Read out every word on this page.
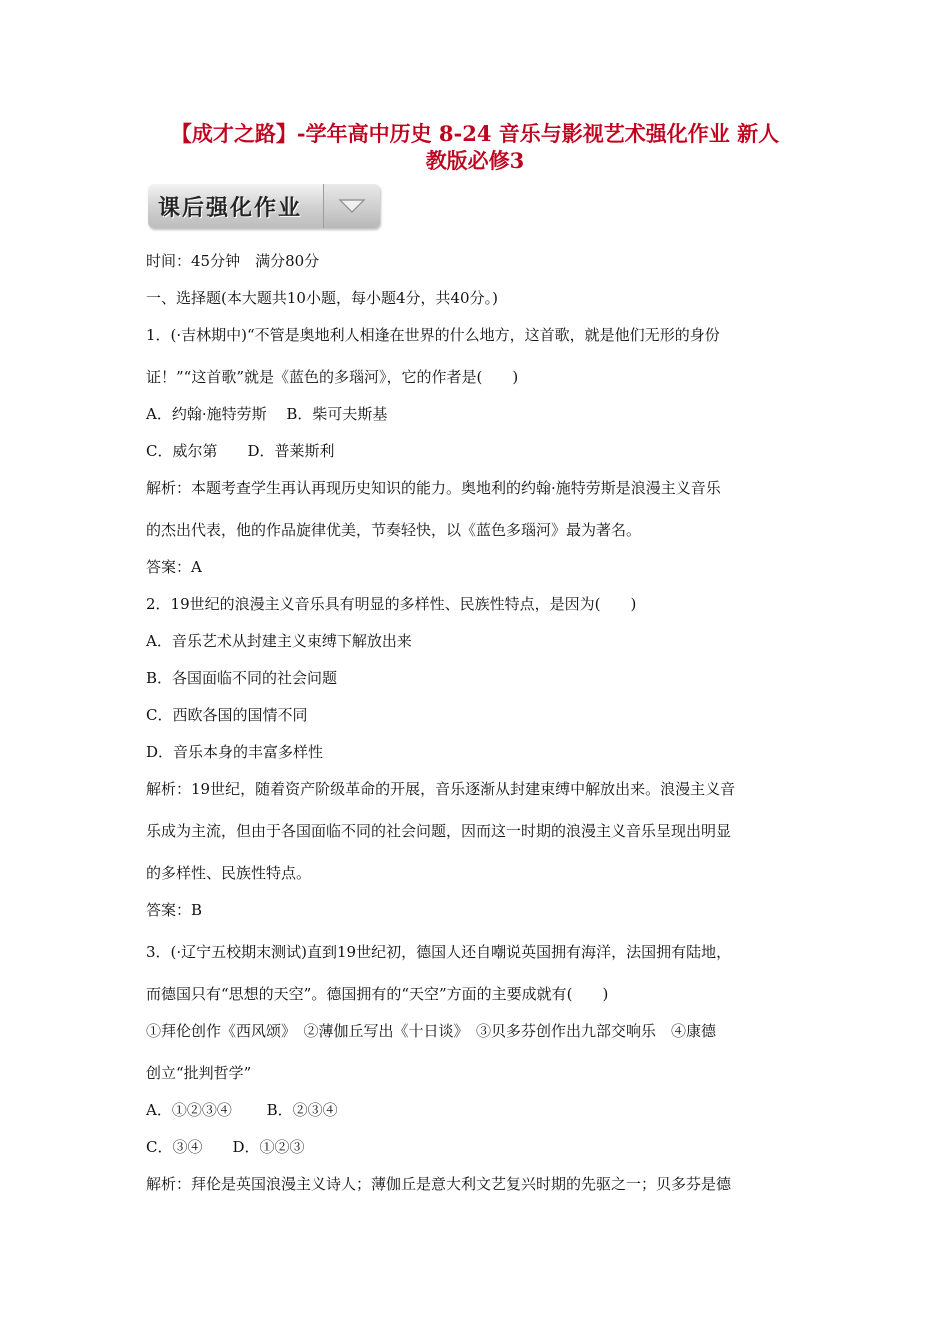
【成才之路】-学年高中历史 8-24 音乐与影视艺术强化作业 新人
教版必修3
课后强化作业

时间：45分钟　满分80分

一、选择题(本大题共10小题，每小题4分，共40分。)

1．(·吉林期中)“不管是奥地利人相逢在世界的什么地方，这首歌，就是他们无形的身份

证！”“这首歌”就是《蓝色的多瑙河》，它的作者是(　　)

A．约翰·施特劳斯　 B．柴可夫斯基

C．威尔第　　D．普莱斯利

解析：本题考查学生再认再现历史知识的能力。奥地利的约翰·施特劳斯是浪漫主义音乐

的杰出代表，他的作品旋律优美，节奏轻快，以《蓝色多瑙河》最为著名。

答案：A

2．19世纪的浪漫主义音乐具有明显的多样性、民族性特点，是因为(　　)

A．音乐艺术从封建主义束缚下解放出来

B．各国面临不同的社会问题

C．西欧各国的国情不同

D．音乐本身的丰富多样性

解析：19世纪，随着资产阶级革命的开展，音乐逐渐从封建束缚中解放出来。浪漫主义音

乐成为主流，但由于各国面临不同的社会问题，因而这一时期的浪漫主义音乐呈现出明显

的多样性、民族性特点。

答案：B

3．(·辽宁五校期末测试)直到19世纪初，德国人还自嘲说英国拥有海洋，法国拥有陆地，

而德国只有“思想的天空”。德国拥有的“天空”方面的主要成就有(　　)

①拜伦创作《西风颂》　②薄伽丘写出《十日谈》　③贝多芬创作出九部交响乐　④康德

创立“批判哲学”

A．①②③④　　 B．②③④

C．③④　　D．①②③

解析：拜伦是英国浪漫主义诗人；薄伽丘是意大利文艺复兴时期的先驱之一；贝多芬是德
